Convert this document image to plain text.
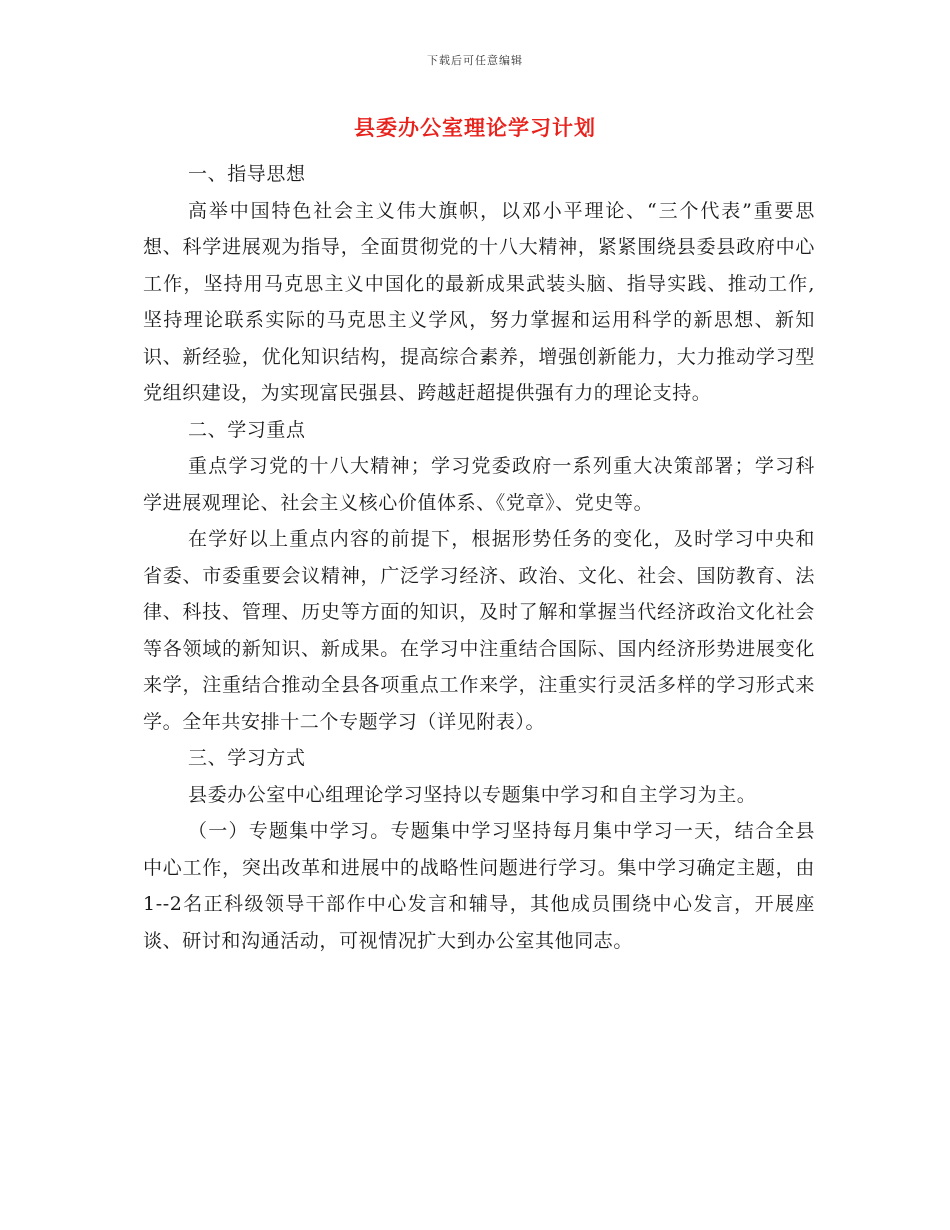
下载后可任意编辑
县委办公室理论学习计划

一、指导思想

高举中国特色社会主义伟大旗帜，以邓小平理论、“三个代表”重要思想、科学进展观为指导，全面贯彻党的十八大精神，紧紧围绕县委县政府中心工作，坚持用马克思主义中国化的最新成果武装头脑、指导实践、推动工作,坚持理论联系实际的马克思主义学风，努力掌握和运用科学的新思想、新知识、新经验，优化知识结构，提高综合素养，增强创新能力，大力推动学习型党组织建设，为实现富民强县、跨越赶超提供强有力的理论支持。

二、学习重点

重点学习党的十八大精神；学习党委政府一系列重大决策部署；学习科学进展观理论、社会主义核心价值体系、《党章》、党史等。

在学好以上重点内容的前提下，根据形势任务的变化，及时学习中央和省委、市委重要会议精神，广泛学习经济、政治、文化、社会、国防教育、法律、科技、管理、历史等方面的知识，及时了解和掌握当代经济政治文化社会等各领域的新知识、新成果。在学习中注重结合国际、国内经济形势进展变化来学，注重结合推动全县各项重点工作来学，注重实行灵活多样的学习形式来学。全年共安排十二个专题学习（详见附表）。

三、学习方式

县委办公室中心组理论学习坚持以专题集中学习和自主学习为主。

（一）专题集中学习。专题集中学习坚持每月集中学习一天，结合全县中心工作，突出改革和进展中的战略性问题进行学习。集中学习确定主题，由1--2名正科级领导干部作中心发言和辅导，其他成员围绕中心发言，开展座谈、研讨和沟通活动，可视情况扩大到办公室其他同志。
